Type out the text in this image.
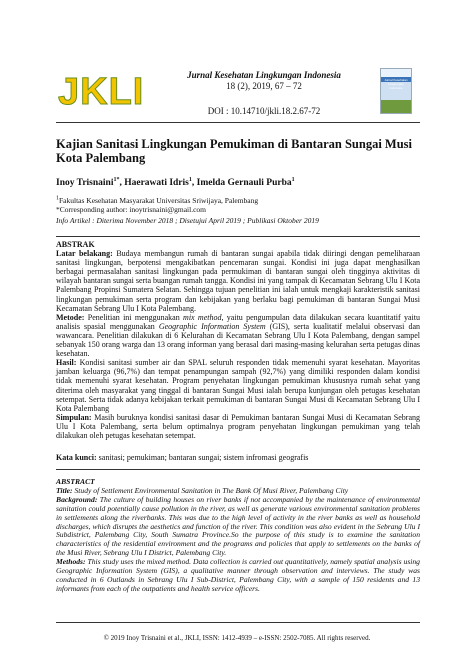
JKLI	Jurnal Kesehatan Lingkungan Indonesia
18 (2), 2019, 67 – 72
DOI : 10.14710/jkli.18.2.67-72
Jurnal Kesehatan Lingkungan Indonesia
Kajian Sanitasi Lingkungan Pemukiman di Bantaran Sungai Musi Kota Palembang
Inoy Trisnaini$^{1*}$, Haerawati Idris$^1$, Imelda Gernauli Purba$^1$
$^1$Fakultas Kesehatan Masyarakat Universitas Sriwijaya, Palembang
*Corresponding author: inoytrisnaini@gmail.com
Info Artikel : Diterima November 2018 ; Disetujui April 2019 ; Publikasi Oktober 2019
ABSTRAK

Latar belakang: Budaya membangun rumah di bantaran sungai apabila tidak diiringi dengan pemeliharaan sanitasi lingkungan, berpotensi mengakibatkan pencemaran sungai. Kondisi ini juga dapat menghasilkan berbagai permasalahan sanitasi lingkungan pada permukiman di bantaran sungai oleh tingginya aktivitas di wilayah bantaran sungai serta buangan rumah tangga. Kondisi ini yang tampak di Kecamatan Sebrang Ulu I Kota Palembang Propinsi Sumatera Selatan. Sehingga tujuan penelitian ini ialah untuk mengkaji karakteristik sanitasi lingkungan pemukiman serta program dan kebijakan yang berlaku bagi pemukiman di bantaran Sungai Musi Kecamatan Sebrang Ulu I Kota Palembang.

Metode: Penelitian ini menggunakan mix method, yaitu pengumpulan data dilakukan secara kuantitatif yaitu analisis spasial menggunakan Geographic Information System (GIS), serta kualitatif melalui observasi dan wawancara. Penelitian dilakukan di 6 Kelurahan di Kecamatan Sebrang Ulu I Kota Palembang, dengan sampel sebanyak 150 orang warga dan 13 orang informan yang berasal dari masing-masing kelurahan serta petugas dinas kesehatan.

Hasil: Kondisi sanitasi sumber air dan SPAL seluruh responden tidak memenuhi syarat kesehatan. Mayoritas jamban keluarga (96,7%) dan tempat penampungan sampah (92,7%) yang dimiliki responden dalam kondisi tidak memenuhi syarat kesehatan. Program penyehatan lingkungan pemukiman khususnya rumah sehat yang diterima oleh masyarakat yang tinggal di bantaran Sungai Musi ialah berupa kunjungan oleh petugas kesehatan setempat. Serta tidak adanya kebijakan terkait pemukiman di bantaran Sungai Musi di Kecamatan Sebrang Ulu I Kota Palembang

Simpulan: Masih buruknya kondisi sanitasi dasar di Pemukiman bantaran Sungai Musi di Kecamatan Sebrang Ulu I Kota Palembang, serta belum optimalnya program penyehatan lingkungan pemukiman yang telah dilakukan oleh petugas kesehatan setempat.

Kata kunci: sanitasi; pemukiman; bantaran sungai; sistem infromasi geografis
ABSTRACT

Title: Study of Settlement Environmental Sanitation in The Bank Of Musi River, Palembang City

Background: The culture of building houses on river banks if not accompanied by the maintenance of environmental sanitation could potentially cause pollution in the river, as well as generate various environmental sanitation problems in settlements along the riverbanks. This was due to the high level of activity in the river banks as well as household discharges, which disrupts the aesthetics and function of the river. This condition was also evident in the Sebrang Ulu I Subdistrict, Palembang City, South Sumatra Province.So the purpose of this study is to examine the sanitation characteristics of the residential environment and the programs and policies that apply to settlements on the banks of the Musi River, Sebrang Ulu I District, Palembang City.

Methods: This study uses the mixed method. Data collection is carried out quantitatively, namely spatial analysis using Geographic Information System (GIS), a qualitative manner through observation and interviews. The study was conducted in 6 Outlands in Sebrang Ulu I Sub-District, Palembang City, with a sample of 150 residents and 13 informants from each of the outpatients and health service officers.

© 2019 Inoy Trisnaini et al., JKLI, ISSN: 1412-4939 – e-ISSN: 2502-7085. All rights reserved.
